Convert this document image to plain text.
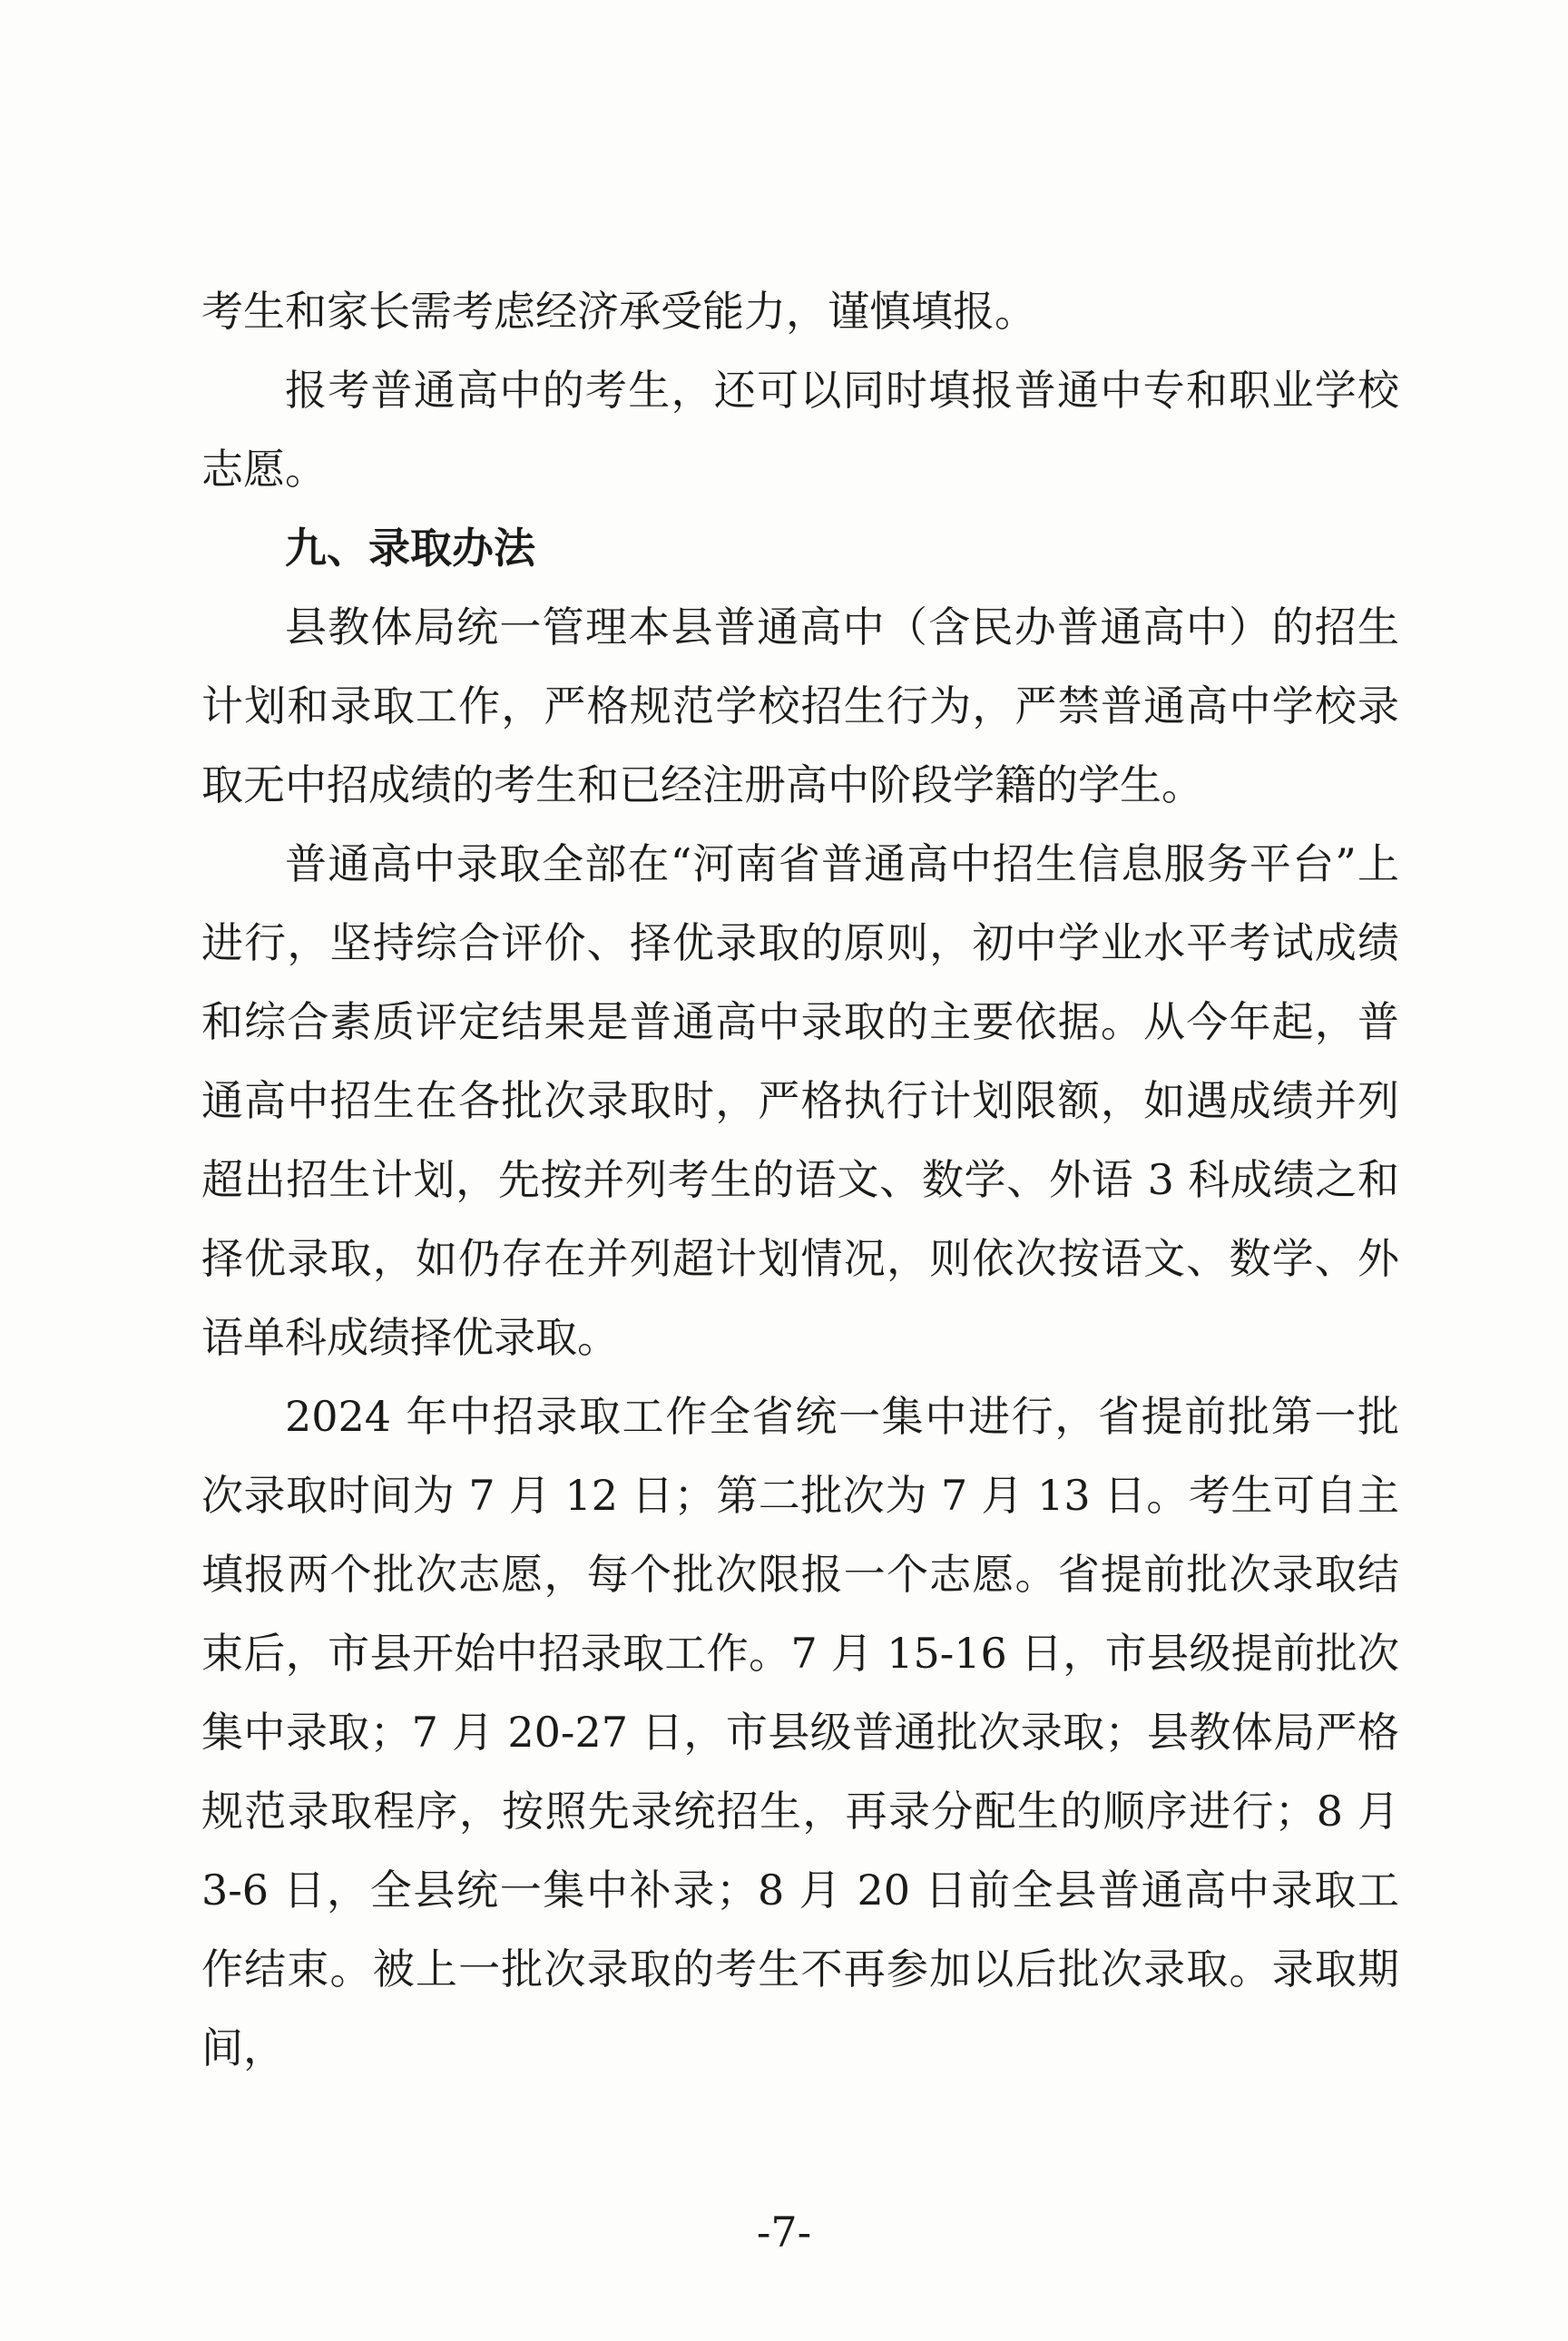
考生和家长需考虑经济承受能力，谨慎填报。

报考普通高中的考生，还可以同时填报普通中专和职业学校志愿。

九、录取办法

县教体局统一管理本县普通高中（含民办普通高中）的招生计划和录取工作，严格规范学校招生行为，严禁普通高中学校录取无中招成绩的考生和已经注册高中阶段学籍的学生。

普通高中录取全部在“河南省普通高中招生信息服务平台”上进行，坚持综合评价、择优录取的原则，初中学业水平考试成绩和综合素质评定结果是普通高中录取的主要依据。从今年起，普通高中招生在各批次录取时，严格执行计划限额，如遇成绩并列超出招生计划，先按并列考生的语文、数学、外语 3 科成绩之和择优录取，如仍存在并列超计划情况，则依次按语文、数学、外语单科成绩择优录取。

2024 年中招录取工作全省统一集中进行，省提前批第一批次录取时间为 7 月 12 日；第二批次为 7 月 13 日。考生可自主填报两个批次志愿，每个批次限报一个志愿。省提前批次录取结束后，市县开始中招录取工作。7 月 15-16 日，市县级提前批次集中录取；7 月 20-27 日，市县级普通批次录取；县教体局严格规范录取程序，按照先录统招生，再录分配生的顺序进行；8 月 3-6 日，全县统一集中补录；8 月 20 日前全县普通高中录取工作结束。被上一批次录取的考生不再参加以后批次录取。录取期间，

-7-
